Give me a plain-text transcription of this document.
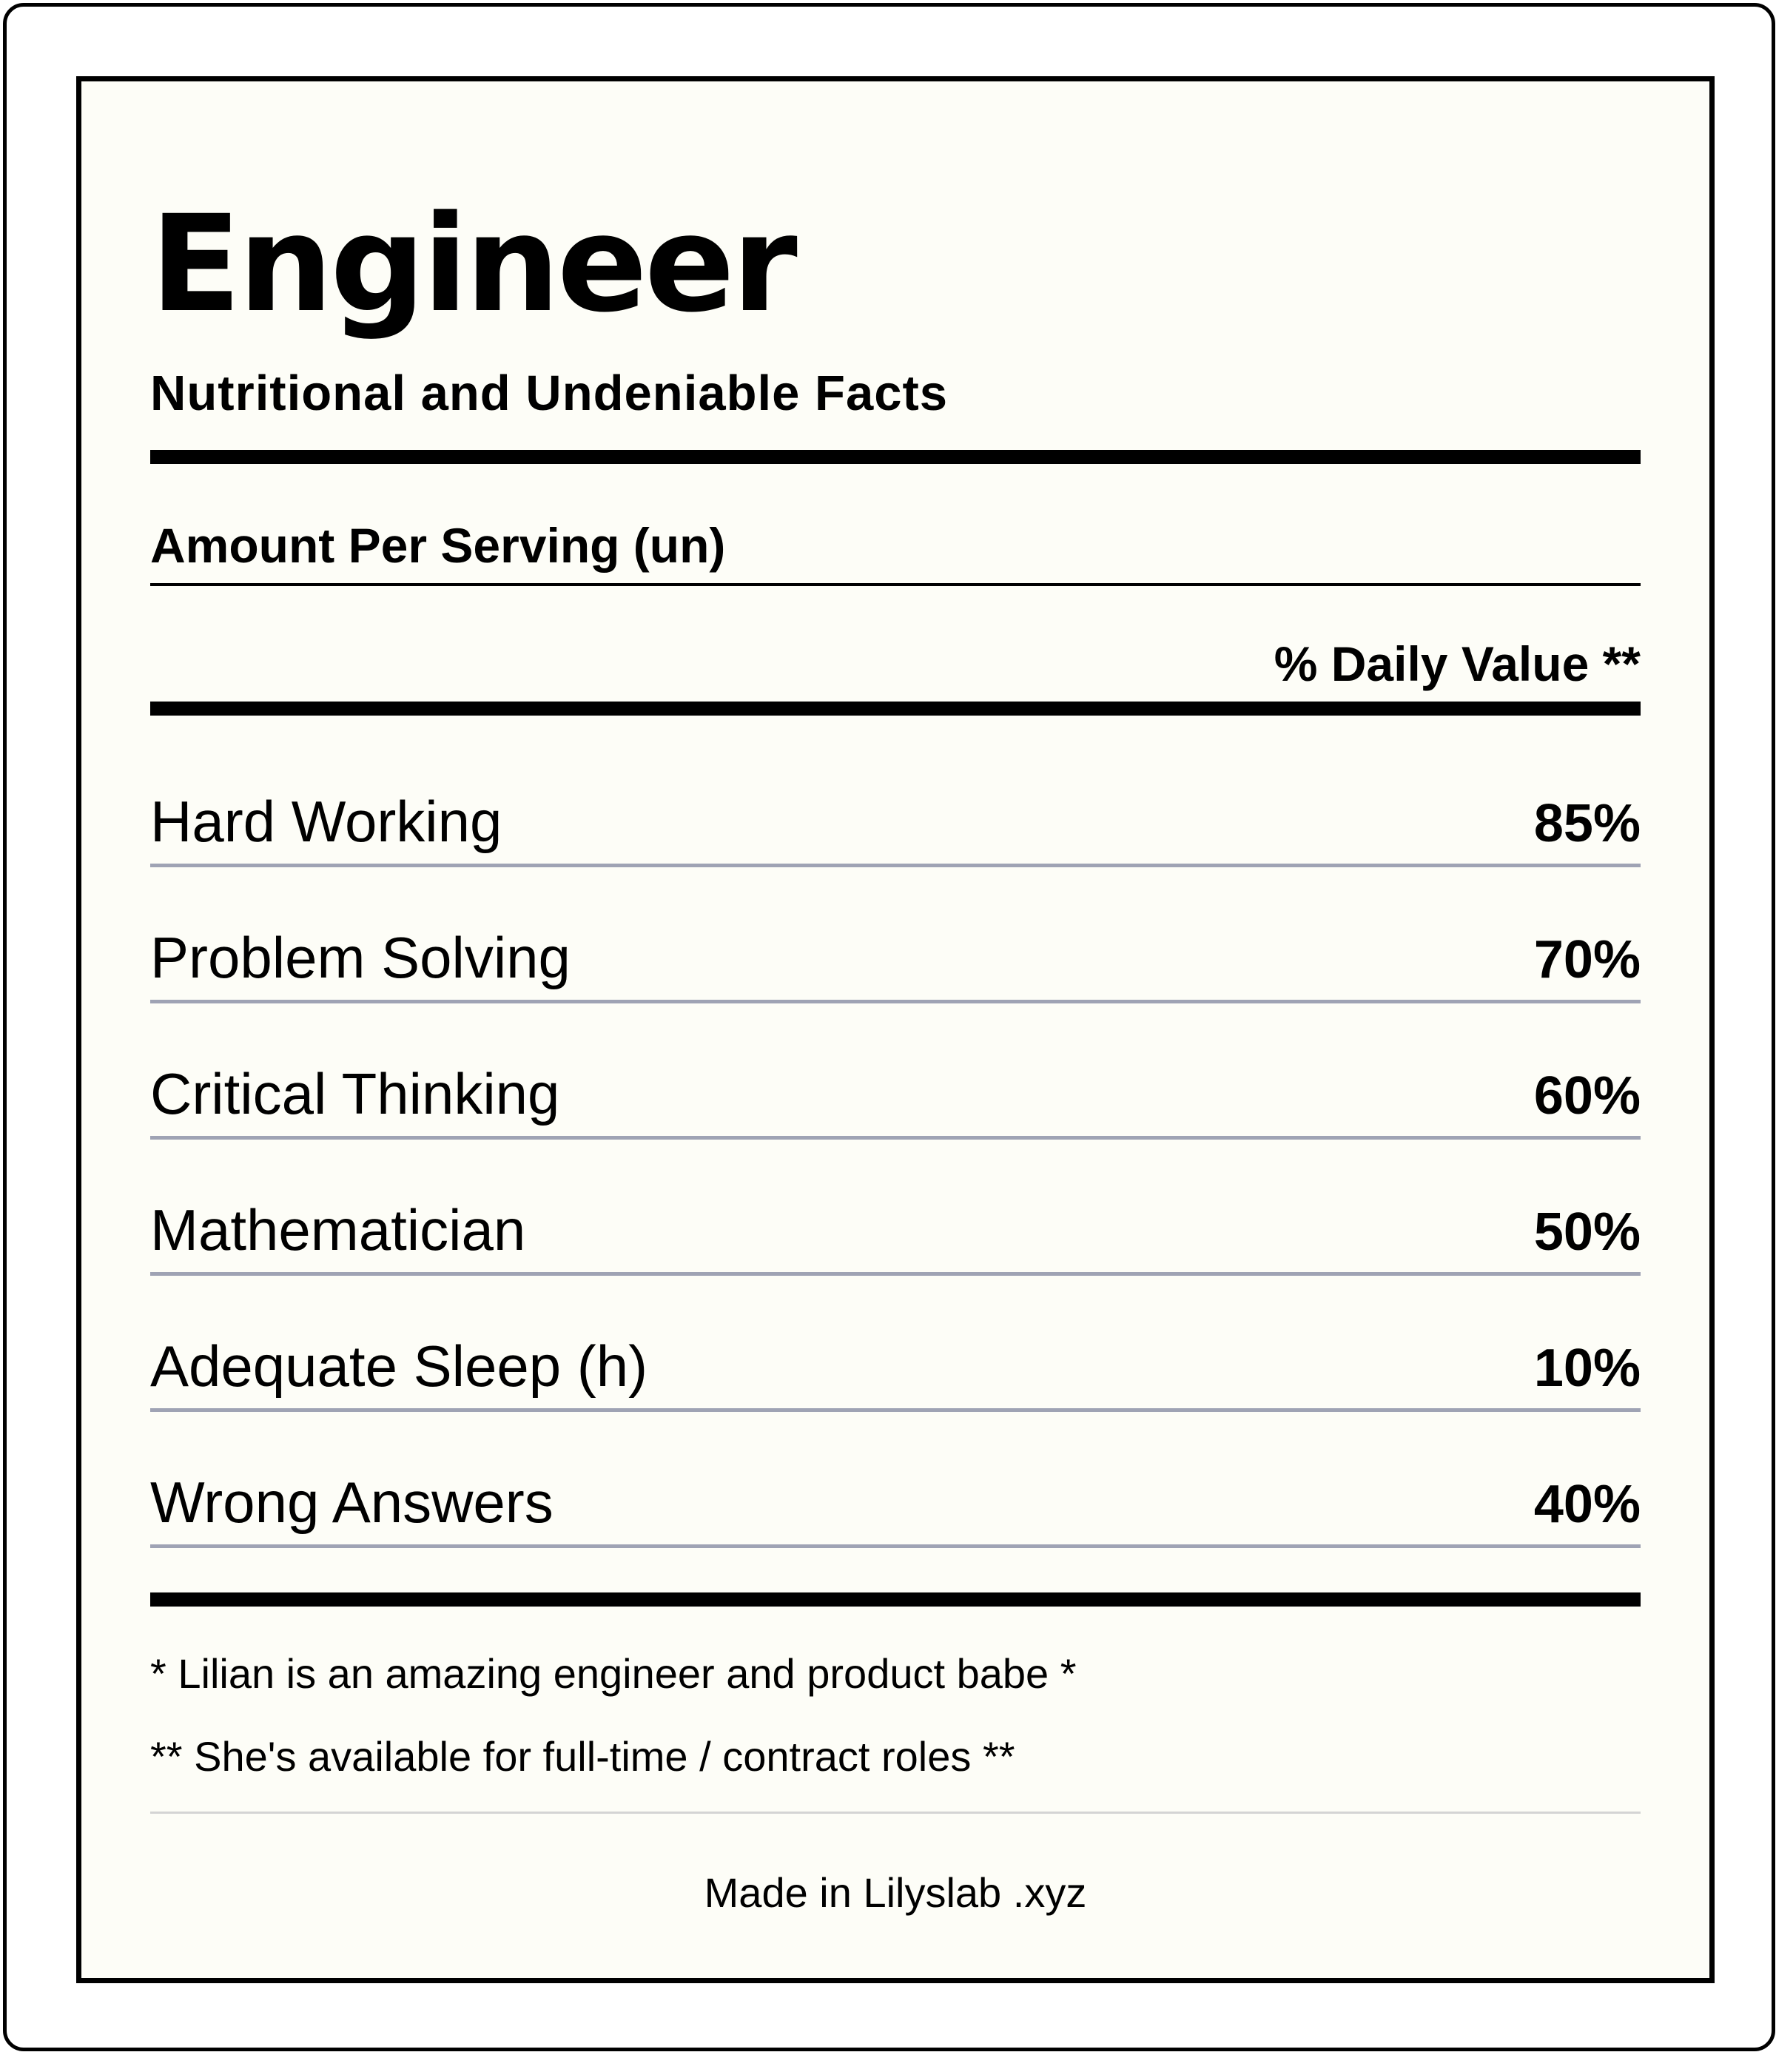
Engineer
Nutritional and Undeniable Facts
Amount Per Serving (un)
% Daily Value **
Hard Working	85%
Problem Solving	70%
Critical Thinking	60%
Mathematician	50%
Adequate Sleep (h)	10%
Wrong Answers	40%
* Lilian is an amazing engineer and product babe *
** She's available for full-time / contract roles **
Made in Lilyslab .xyz
